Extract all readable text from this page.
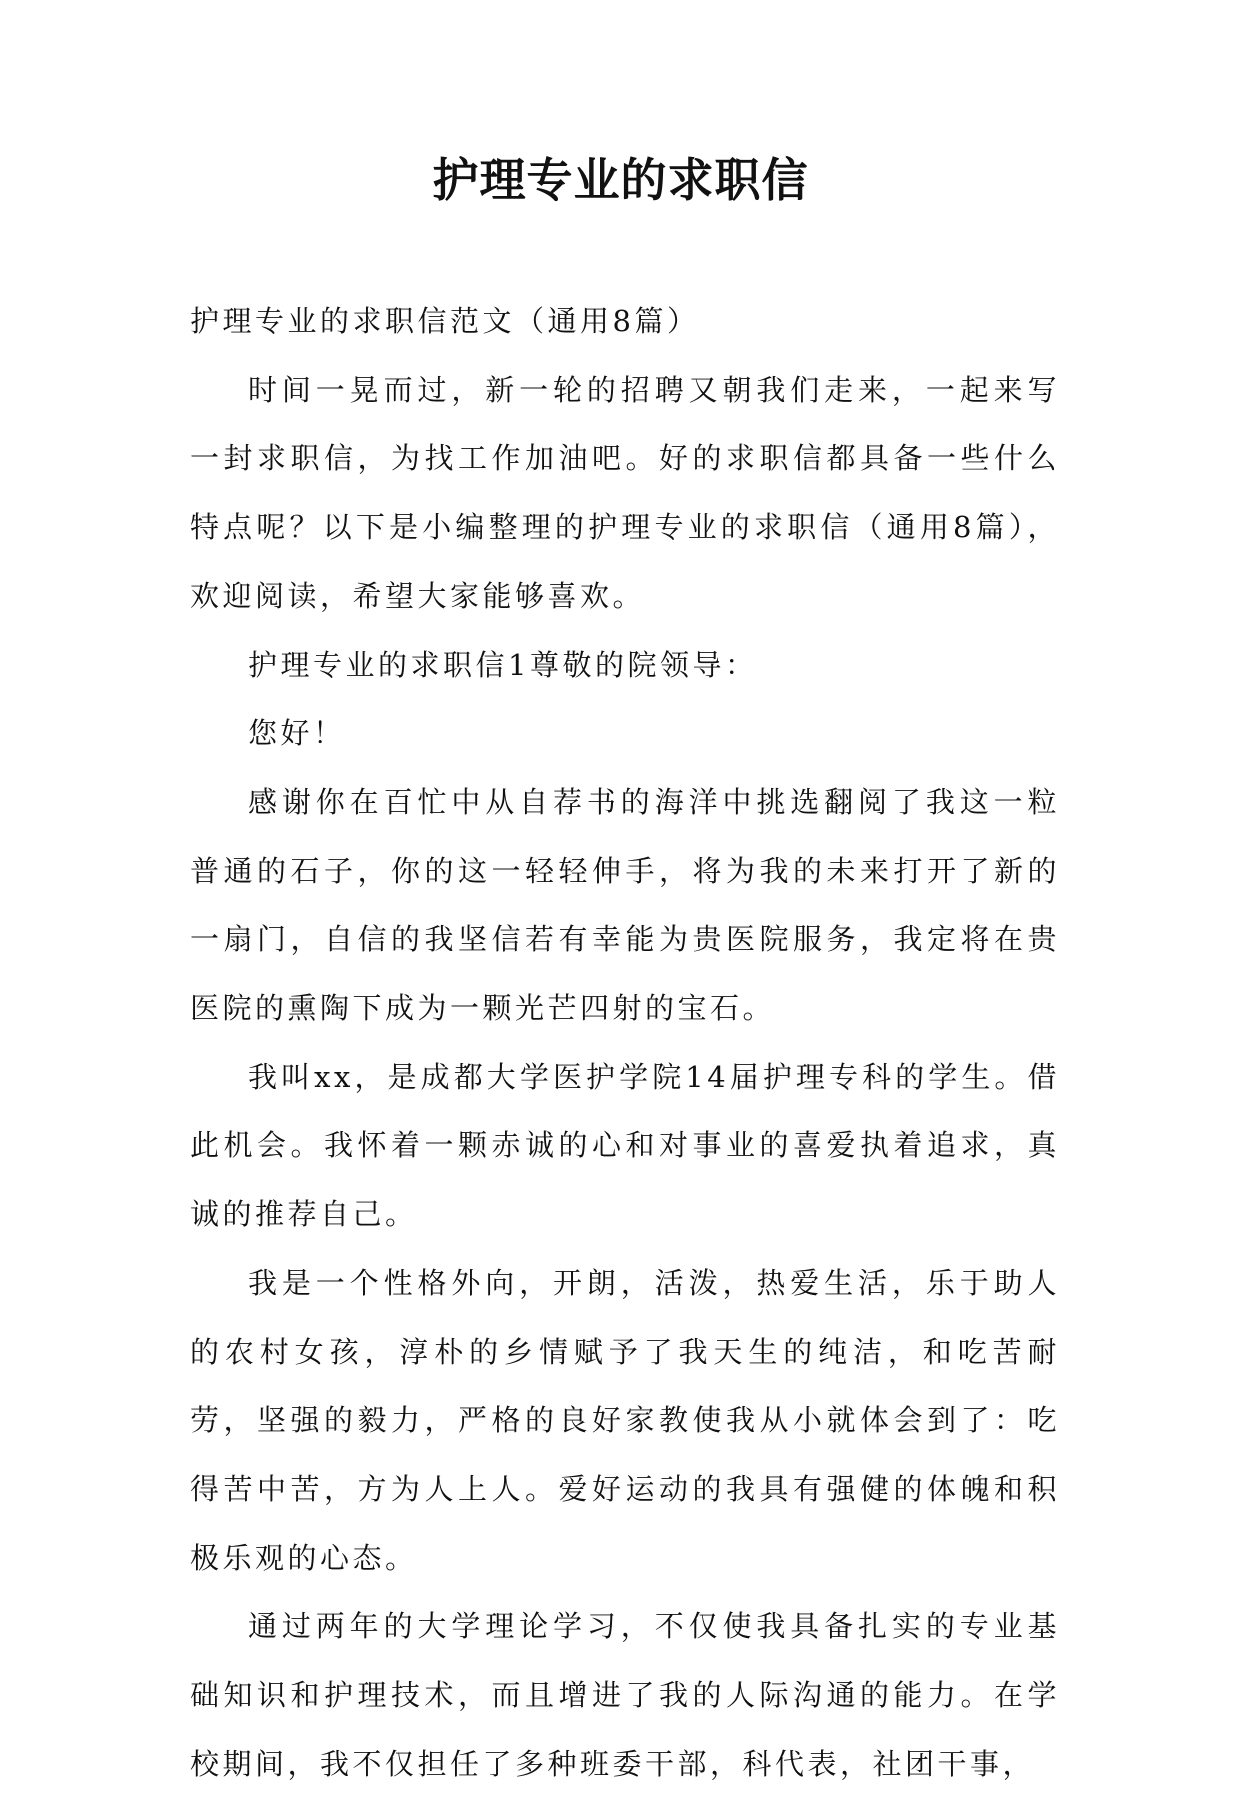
护理专业的求职信

护理专业的求职信范文（通用8篇）

时间一晃而过，新一轮的招聘又朝我们走来，一起来写一封求职信，为找工作加油吧。好的求职信都具备一些什么特点呢？以下是小编整理的护理专业的求职信（通用8篇），欢迎阅读，希望大家能够喜欢。

护理专业的求职信1尊敬的院领导：

您好！

感谢你在百忙中从自荐书的海洋中挑选翻阅了我这一粒普通的石子，你的这一轻轻伸手，将为我的未来打开了新的一扇门，自信的我坚信若有幸能为贵医院服务，我定将在贵医院的熏陶下成为一颗光芒四射的宝石。

我叫xx，是成都大学医护学院14届护理专科的学生。借此机会。我怀着一颗赤诚的心和对事业的喜爱执着追求，真诚的推荐自己。

我是一个性格外向，开朗，活泼，热爱生活，乐于助人的农村女孩，淳朴的乡情赋予了我天生的纯洁，和吃苦耐劳，坚强的毅力，严格的良好家教使我从小就体会到了：吃得苦中苦，方为人上人。爱好运动的我具有强健的体魄和积极乐观的心态。

通过两年的大学理论学习，不仅使我具备扎实的专业基础知识和护理技术，而且增进了我的人际沟通的能力。在学校期间，我不仅担任了多种班委干部，科代表，社团干事，
